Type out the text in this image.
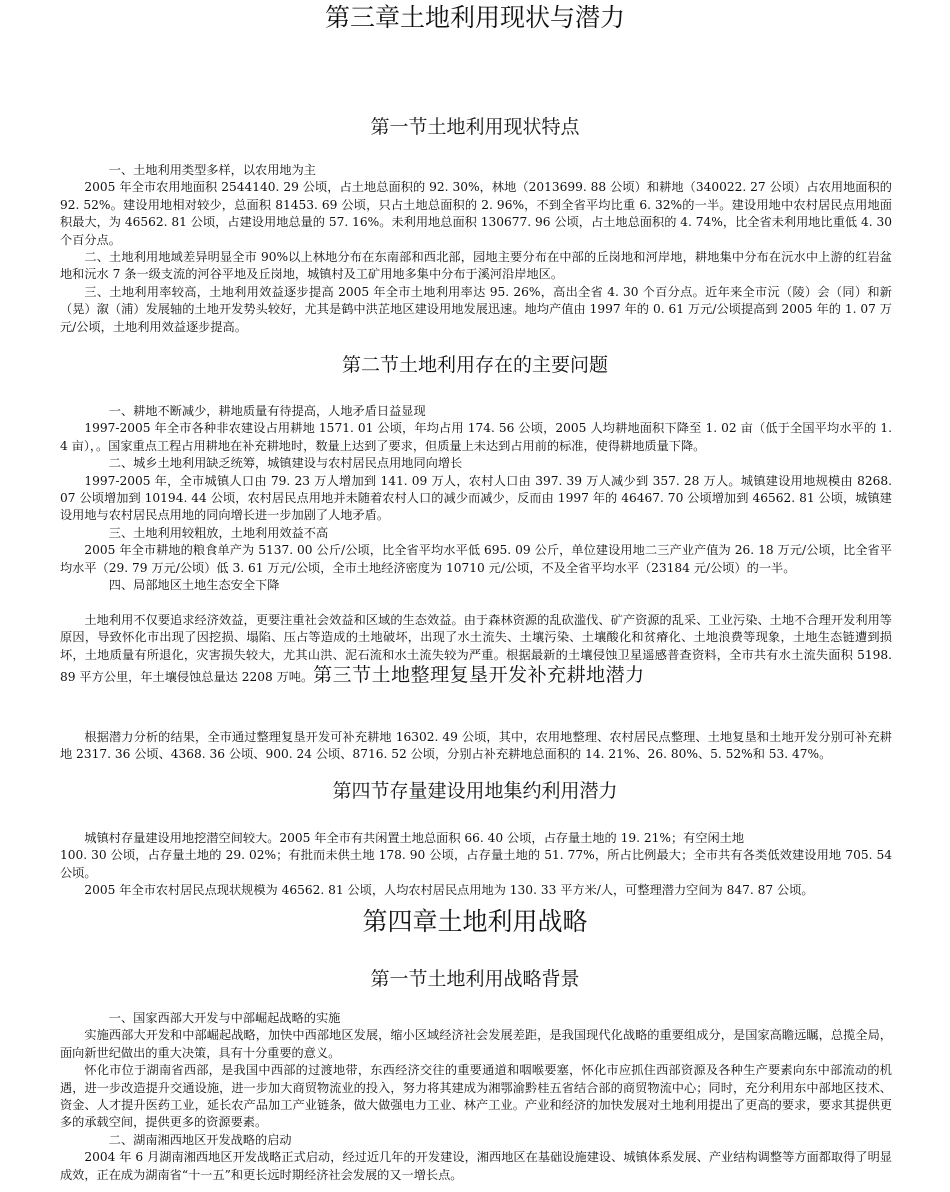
第三章土地利用现状与潜力
第一节土地利用现状特点

一、土地利用类型多样，以农用地为主

2005 年全市农用地面积 2544140. 29 公顷，占土地总面积的 92. 30%，林地（2013699. 88 公顷）和耕地（340022. 27 公顷）占农用地面积的 92. 52%。建设用地相对较少，总面积 81453. 69 公顷，只占土地总面积的 2. 96%，不到全省平均比重 6. 32%的一半。建设用地中农村居民点用地面积最大，为 46562. 81 公顷，占建设用地总量的 57. 16%。未利用地总面积 130677. 96 公顷，占土地总面积的 4. 74%，比全省未利用地比重低 4. 30 个百分点。

二、土地利用地域差异明显全市 90%以上林地分布在东南部和西北部，园地主要分布在中部的丘岗地和河岸地，耕地集中分布在沅水中上游的红岩盆地和沅水 7 条一级支流的河谷平地及丘岗地，城镇村及工矿用地多集中分布于溪河沿岸地区。

三、土地利用率较高，土地利用效益逐步提高 2005 年全市土地利用率达 95. 26%，高出全省 4. 30 个百分点。近年来全市沅（陵）会（同）和新（晃）溆（浦）发展轴的土地开发势头较好，尤其是鹤中洪芷地区建设用地发展迅速。地均产值由 1997 年的 0. 61 万元/公顷提高到 2005 年的 1. 07 万元/公顷，土地利用效益逐步提高。

第二节土地利用存在的主要问题

一、耕地不断减少，耕地质量有待提高，人地矛盾日益显现

1997-2005 年全市各种非农建设占用耕地 1571. 01 公顷，年均占用 174. 56 公顷，2005 人均耕地面积下降至 1. 02 亩（低于全国平均水平的 1. 4 亩），。国家重点工程占用耕地在补充耕地时，数量上达到了要求，但质量上未达到占用前的标准，使得耕地质量下降。

二、城乡土地利用缺乏统筹，城镇建设与农村居民点用地同向增长

1997-2005 年，全市城镇人口由 79. 23 万人增加到 141. 09 万人，农村人口由 397. 39 万人减少到 357. 28 万人。城镇建设用地规模由 8268. 07 公顷增加到 10194. 44 公顷，农村居民点用地并未随着农村人口的减少而减少，反而由 1997 年的 46467. 70 公顷增加到 46562. 81 公顷，城镇建设用地与农村居民点用地的同向增长进一步加剧了人地矛盾。

三、土地利用较粗放，土地利用效益不高

2005 年全市耕地的粮食单产为 5137. 00 公斤/公顷，比全省平均水平低 695. 09 公斤，单位建设用地二三产业产值为 26. 18 万元/公顷，比全省平均水平（29. 79 万元/公顷）低 3. 61 万元/公顷，全市土地经济密度为 10710 元/公顷，不及全省平均水平（23184 元/公顷）的一半。

四、局部地区土地生态安全下降

土地利用不仅要追求经济效益，更要注重社会效益和区域的生态效益。由于森林资源的乱砍滥伐、矿产资源的乱采、工业污染、土地不合理开发利用等原因，导致怀化市出现了因挖损、塌陷、压占等造成的土地破坏，出现了水土流失、土壤污染、土壤酸化和贫瘠化、土地浪费等现象，土地生态链遭到损坏，土地质量有所退化，灾害损失较大，尤其山洪、泥石流和水土流失较为严重。根据最新的土壤侵蚀卫星遥感普查资料，全市共有水土流失面积 5198. 89 平方公里，年土壤侵蚀总量达 2208 万吨。第三节土地整理复垦开发补充耕地潜力

根据潜力分析的结果，全市通过整理复垦开发可补充耕地 16302. 49 公顷，其中，农用地整理、农村居民点整理、土地复垦和土地开发分别可补充耕地 2317. 36 公顷、4368. 36 公顷、900. 24 公顷、8716. 52 公顷，分别占补充耕地总面积的 14. 21%、26. 80%、5. 52%和 53. 47%。

第四节存量建设用地集约利用潜力

城镇村存量建设用地挖潜空间较大。2005 年全市有共闲置土地总面积 66. 40 公顷，占存量土地的 19. 21%；有空闲土地

100. 30 公顷，占存量土地的 29. 02%；有批而未供土地 178. 90 公顷，占存量土地的 51. 77%，所占比例最大；全市共有各类低效建设用地 705. 54 公顷。

2005 年全市农村居民点现状规模为 46562. 81 公顷，人均农村居民点用地为 130. 33 平方米/人，可整理潜力空间为 847. 87 公顷。

第四章土地利用战略
第一节土地利用战略背景

一、国家西部大开发与中部崛起战略的实施

实施西部大开发和中部崛起战略，加快中西部地区发展，缩小区域经济社会发展差距，是我国现代化战略的重要组成分，是国家高瞻远瞩，总揽全局，面向新世纪做出的重大决策，具有十分重要的意义。

怀化市位于湖南省西部，是我国中西部的过渡地带，东西经济交往的重要通道和咽喉要塞，怀化市应抓住西部资源及各种生产要素向东中部流动的机遇，进一步改造提升交通设施，进一步加大商贸物流业的投入，努力将其建成为湘鄂渝黔桂五省结合部的商贸物流中心；同时，充分利用东中部地区技术、资金、人才提升医药工业，延长农产品加工产业链条，做大做强电力工业、林产工业。产业和经济的加快发展对土地利用提出了更高的要求，要求其提供更多的承载空间，提供更多的资源要素。

二、湖南湘西地区开发战略的启动

2004 年 6 月湖南湘西地区开发战略正式启动，经过近几年的开发建设，湘西地区在基础设施建设、城镇体系发展、产业结构调整等方面都取得了明显成效，正在成为湖南省“十一五”和更长远时期经济社会发展的又一增长点。
